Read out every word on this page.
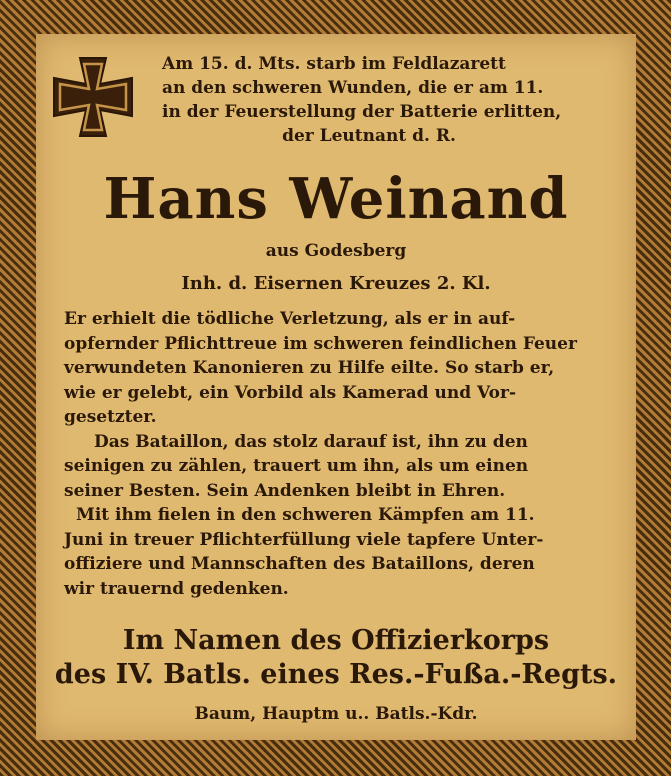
Am 15. d. Mts. starb im Feldlazarett
an den schweren Wunden, die er am 11.
in der Feuerstellung der Batterie erlitten,
der Leutnant d. R.
Hans Weinand
aus Godesberg
Inh. d. Eisernen Kreuzes 2. Kl.
Er erhielt die tödliche Verletzung, als er in auf-
opfernder Pflichttreue im schweren feindlichen Feuer
verwundeten Kanonieren zu Hilfe eilte. So starb er,
wie er gelebt, ein Vorbild als Kamerad und Vor-
gesetzter.
Das Bataillon, das stolz darauf ist, ihn zu den
seinigen zu zählen, trauert um ihn, als um einen
seiner Besten. Sein Andenken bleibt in Ehren.
Mit ihm fielen in den schweren Kämpfen am 11.
Juni in treuer Pflichterfüllung viele tapfere Unter-
offiziere und Mannschaften des Bataillons, deren
wir trauernd gedenken.
Im Namen des Offizierkorps
des IV. Batls. eines Res.-Fußa.-Regts.
Baum, Hauptm u.. Batls.-Kdr.
